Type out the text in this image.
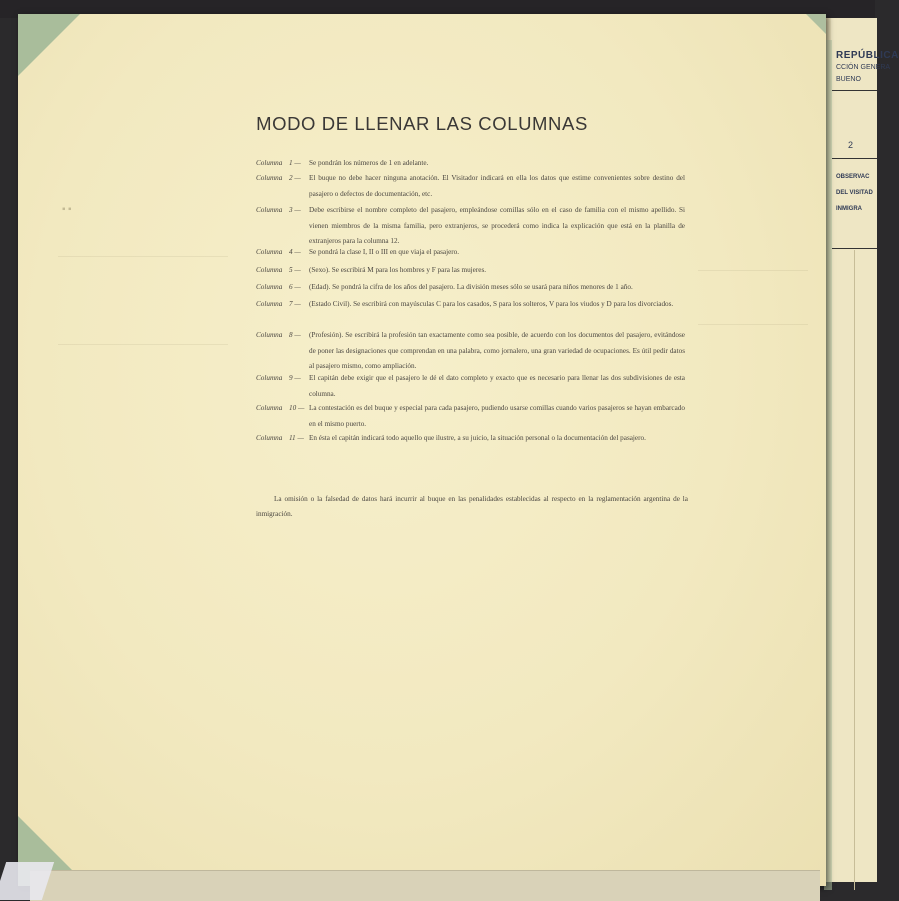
REPÚBLICA
CCIÓN GENERA
BUENO
2
OBSERVAC
DEL VISITAD
INMIGRA
▪ ▪
MODO DE LLENAR LAS COLUMNAS
Columna 1 —	Se pondrán los números de 1 en adelante.
Columna 2 —	El buque no debe hacer ninguna anotación. El Visitador indicará en ella los datos que estime convenientes sobre destino del pasajero o defectos de documentación, etc.
Columna 3 —	Debe escribirse el nombre completo del pasajero, empleándose comillas sólo en el caso de familia con el mismo apellido. Si vienen miembros de la misma familia, pero extranjeros, se procederá como indica la explicación que está en la planilla de extranjeros para la columna 12.
Columna 4 —	Se pondrá la clase I, II o III en que viaja el pasajero.
Columna 5 —	(Sexo). Se escribirá M para los hombres y F para las mujeres.
Columna 6 —	(Edad). Se pondrá la cifra de los años del pasajero. La división meses sólo se usará para niños menores de 1 año.
Columna 7 —	(Estado Civil). Se escribirá con mayúsculas C para los casados, S para los solteros, V para los viudos y D para los divorciados.
Columna 8 —	(Profesión). Se escribirá la profesión tan exactamente como sea posible, de acuerdo con los documentos del pasajero, evitándose de poner las designaciones que comprendan en una palabra, como jornalero, una gran variedad de ocupaciones. Es útil pedir datos al pasajero mismo, como ampliación.
Columna 9 —	El capitán debe exigir que el pasajero le dé el dato completo y exacto que es necesario para llenar las dos subdivisiones de esta columna.
Columna 10 — La contestación es del buque y especial para cada pasajero, pudiendo usarse comillas cuando varios pasajeros se hayan embarcado en el mismo puerto.
Columna 11 — En ésta el capitán indicará todo aquello que ilustre, a su juicio, la situación personal o la documentación del pasajero.
La omisión o la falsedad de datos hará incurrir al buque en las penalidades establecidas al respecto en la reglamentación argentina de la inmigración.
